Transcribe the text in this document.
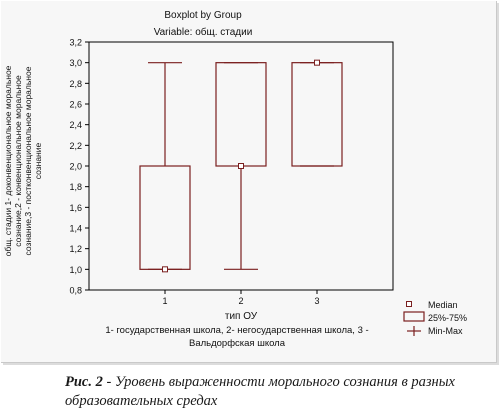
Boxplot by Group
Variable: общ. стадии
общ. стадии 1- доконвенциональное моральное сознание,2 - конвенциональное моральное сознание,3 - постконвенциональное моральное сознание
0,8
1,0
1,2
1,4
1,6
1,8
2,0
2,2
2,4
2,6
2,8
3,0
3,2
1	2	3
тип ОУ
1- государственная школа, 2- негосударственная школа, 3 -
Вальдорфская школа
Median
25%-75%
Min-Max
Рис. 2 - Уровень выраженности морального сознания в разных образовательных средах
